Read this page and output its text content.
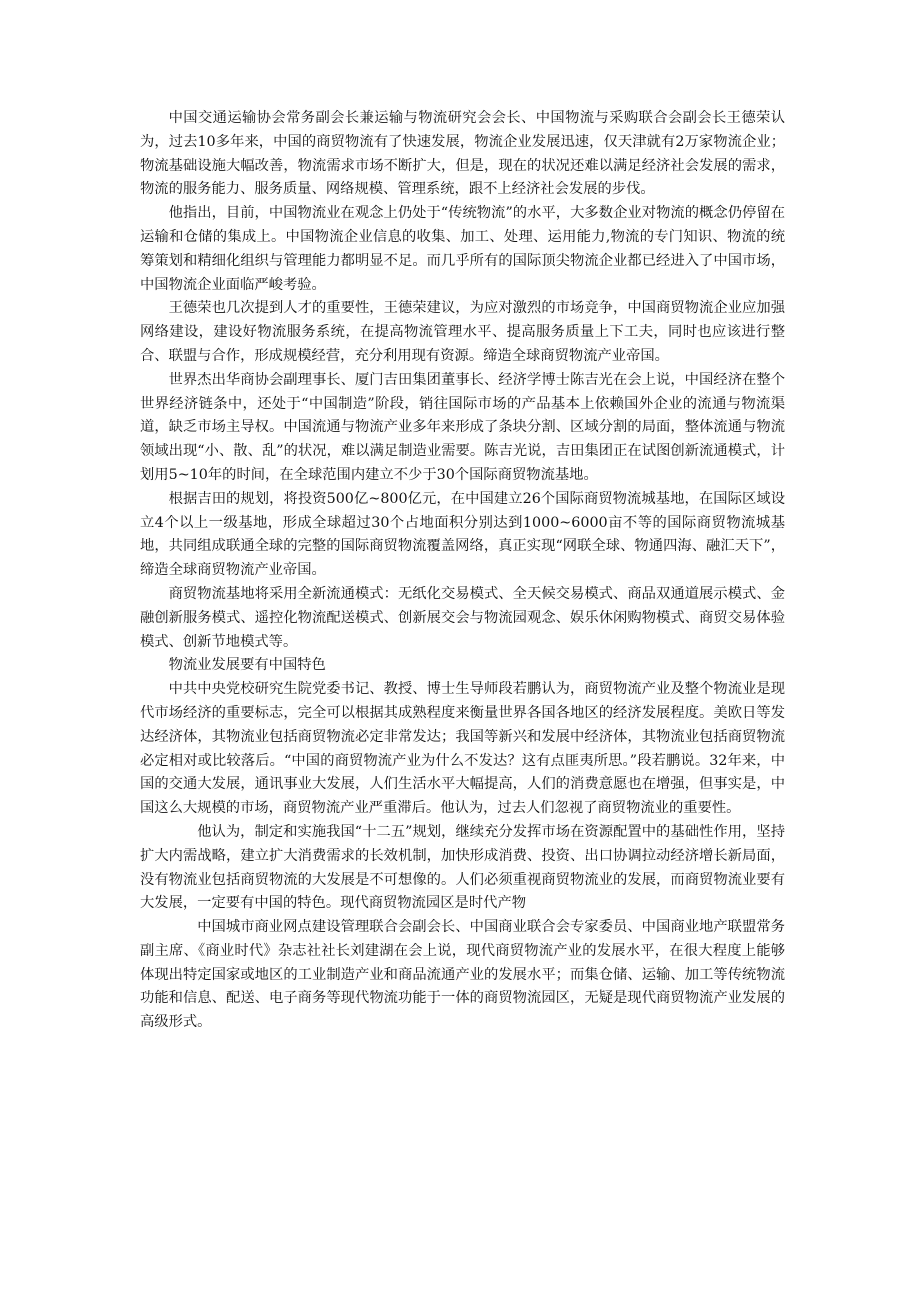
中国交通运输协会常务副会长兼运输与物流研究会会长、中国物流与采购联合会副会长王德荣认为，过去10多年来，中国的商贸物流有了快速发展，物流企业发展迅速，仅天津就有2万家物流企业；物流基础设施大幅改善，物流需求市场不断扩大，但是，现在的状况还难以满足经济社会发展的需求，物流的服务能力、服务质量、网络规模、管理系统，跟不上经济社会发展的步伐。

他指出，目前，中国物流业在观念上仍处于“传统物流”的水平，大多数企业对物流的概念仍停留在运输和仓储的集成上。中国物流企业信息的收集、加工、处理、运用能力,物流的专门知识、物流的统筹策划和精细化组织与管理能力都明显不足。而几乎所有的国际顶尖物流企业都已经进入了中国市场，中国物流企业面临严峻考验。

王德荣也几次提到人才的重要性，王德荣建议，为应对激烈的市场竞争，中国商贸物流企业应加强网络建设，建设好物流服务系统，在提高物流管理水平、提高服务质量上下工夫，同时也应该进行整合、联盟与合作，形成规模经营，充分利用现有资源。缔造全球商贸物流产业帝国。

世界杰出华商协会副理事长、厦门吉田集团董事长、经济学博士陈吉光在会上说，中国经济在整个世界经济链条中，还处于“中国制造”阶段，销往国际市场的产品基本上依赖国外企业的流通与物流渠道，缺乏市场主导权。中国流通与物流产业多年来形成了条块分割、区域分割的局面，整体流通与物流领域出现“小、散、乱”的状况，难以满足制造业需要。陈吉光说，吉田集团正在试图创新流通模式，计划用5~10年的时间，在全球范围内建立不少于30个国际商贸物流基地。

根据吉田的规划，将投资500亿~800亿元，在中国建立26个国际商贸物流城基地，在国际区域设立4个以上一级基地，形成全球超过30个占地面积分别达到1000~6000亩不等的国际商贸物流城基地，共同组成联通全球的完整的国际商贸物流覆盖网络，真正实现“网联全球、物通四海、融汇天下”，缔造全球商贸物流产业帝国。

商贸物流基地将采用全新流通模式：无纸化交易模式、全天候交易模式、商品双通道展示模式、金融创新服务模式、遥控化物流配送模式、创新展交会与物流园观念、娱乐休闲购物模式、商贸交易体验模式、创新节地模式等。

物流业发展要有中国特色

中共中央党校研究生院党委书记、教授、博士生导师段若鹏认为，商贸物流产业及整个物流业是现代市场经济的重要标志，完全可以根据其成熟程度来衡量世界各国各地区的经济发展程度。美欧日等发达经济体，其物流业包括商贸物流必定非常发达；我国等新兴和发展中经济体，其物流业包括商贸物流必定相对或比较落后。“中国的商贸物流产业为什么不发达？这有点匪夷所思。”段若鹏说。32年来，中国的交通大发展，通讯事业大发展，人们生活水平大幅提高，人们的消费意愿也在增强，但事实是，中国这么大规模的市场，商贸物流产业严重滞后。他认为，过去人们忽视了商贸物流业的重要性。

他认为，制定和实施我国“十二五”规划，继续充分发挥市场在资源配置中的基础性作用，坚持扩大内需战略，建立扩大消费需求的长效机制，加快形成消费、投资、出口协调拉动经济增长新局面，没有物流业包括商贸物流的大发展是不可想像的。人们必须重视商贸物流业的发展，而商贸物流业要有大发展，一定要有中国的特色。现代商贸物流园区是时代产物

中国城市商业网点建设管理联合会副会长、中国商业联合会专家委员、中国商业地产联盟常务副主席、《商业时代》杂志社社长刘建湖在会上说，现代商贸物流产业的发展水平，在很大程度上能够体现出特定国家或地区的工业制造产业和商品流通产业的发展水平；而集仓储、运输、加工等传统物流功能和信息、配送、电子商务等现代物流功能于一体的商贸物流园区，无疑是现代商贸物流产业发展的高级形式。
